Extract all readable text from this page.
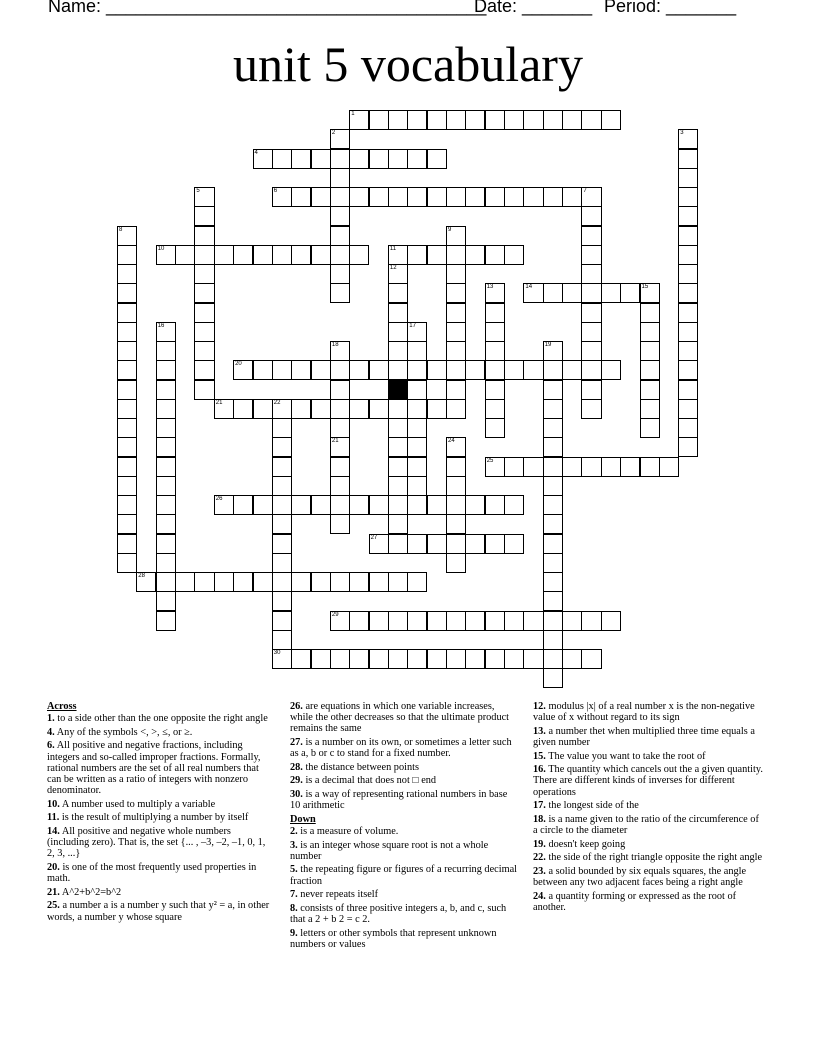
Name: ______________________________________
Date: _______ Period: _______
unit 5 vocabulary
1
4
6	7
10	11
14	15
20
21	22
25
26
27
28
29
30
2	3
5
8	9
12
13
16	17
18
21
19
24
Across
1. to a side other than the one opposite the right angle
4. Any of the symbols <, >, ≤, or ≥.
6. All positive and negative fractions, including integers and so-called improper fractions. Formally, rational numbers are the set of all real numbers that can be written as a ratio of integers with nonzero denominator.
10. A number used to multiply a variable
11. is the result of multiplying a number by itself
14. All positive and negative whole numbers (including zero). That is, the set {... , –3, –2, –1, 0, 1, 2, 3, ...}
20. is one of the most frequently used properties in math.
21. A^2+b^2=b^2
25. a number a is a number y such that y² = a, in other words, a number y whose square
26. are equations in which one variable increases, while the other decreases so that the ultimate product remains the same
27. is a number on its own, or sometimes a letter such as a, b or c to stand for a fixed number.
28. the distance between points
29. is a decimal that does not □ end
30. is a way of representing rational numbers in base 10 arithmetic
Down
2. is a measure of volume.
3. is an integer whose square root is not a whole number
5. the repeating figure or figures of a recurring decimal fraction
7. never repeats itself
8. consists of three positive integers a, b, and c, such that a 2 + b 2 = c 2.
9. letters or other symbols that represent unknown numbers or values
12. modulus |x| of a real number x is the non-negative value of x without regard to its sign
13. a number thet when multiplied three time equals a given number
15. The value you want to take the root of
16. The quantity which cancels out the a given quantity. There are different kinds of inverses for different operations
17. the longest side of the
18. is a name given to the ratio of the circumference of a circle to the diameter
19. doesn't keep going
22. the side of the right triangle opposite the right angle
23. a solid bounded by six equals squares, the angle between any two adjacent faces being a right angle
24. a quantity forming or expressed as the root of another.
